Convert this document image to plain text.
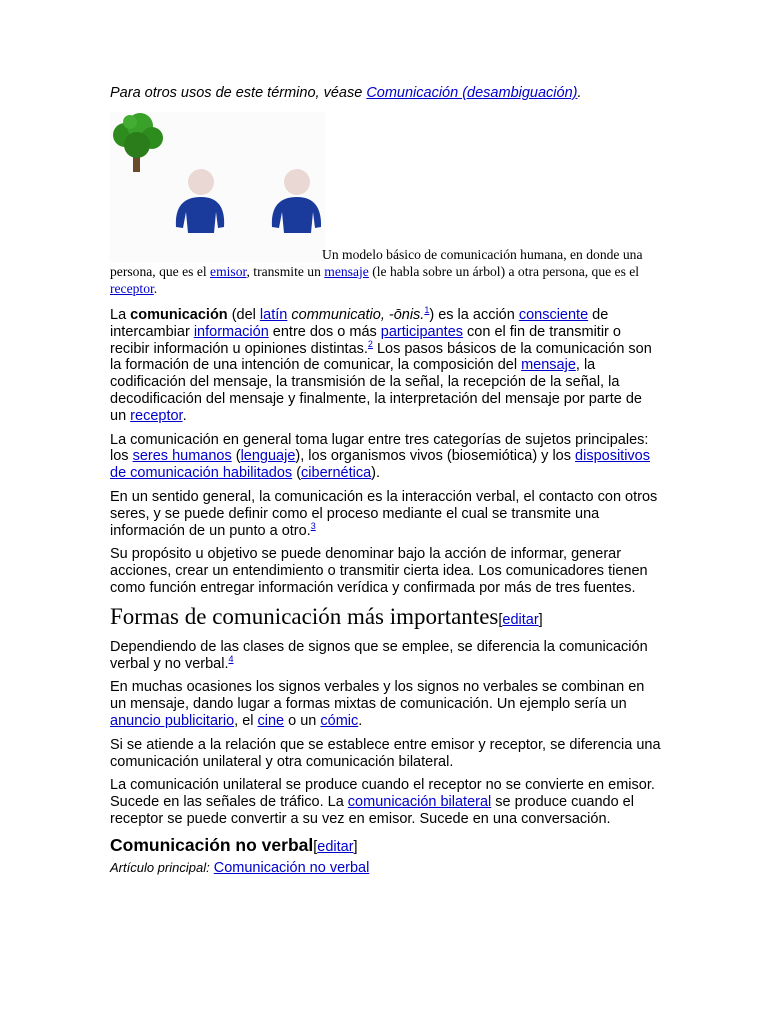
Para otros usos de este término, véase Comunicación (desambiguación).
Un modelo básico de comunicación humana, en donde una persona, que es el emisor, transmite un mensaje (le habla sobre un árbol) a otra persona, que es el receptor.

La comunicación (del latín communicatio, -ōnis.$^1$) es la acción consciente de intercambiar información entre dos o más participantes con el fin de transmitir o recibir información u opiniones distintas.$^2$ Los pasos básicos de la comunicación son la formación de una intención de comunicar, la composición del mensaje, la codificación del mensaje, la transmisión de la señal, la recepción de la señal, la decodificación del mensaje y finalmente, la interpretación del mensaje por parte de un receptor.

La comunicación en general toma lugar entre tres categorías de sujetos principales: los seres humanos (lenguaje), los organismos vivos (biosemiótica) y los dispositivos de comunicación habilitados (cibernética).

En un sentido general, la comunicación es la interacción verbal, el contacto con otros seres, y se puede definir como el proceso mediante el cual se transmite una información de un punto a otro.$^3$

Su propósito u objetivo se puede denominar bajo la acción de informar, generar acciones, crear un entendimiento o transmitir cierta idea. Los comunicadores tienen como función entregar información verídica y confirmada por más de tres fuentes.

Formas de comunicación más importantes[editar]

Dependiendo de las clases de signos que se emplee, se diferencia la comunicación verbal y no verbal.$^4$

En muchas ocasiones los signos verbales y los signos no verbales se combinan en un mensaje, dando lugar a formas mixtas de comunicación. Un ejemplo sería un anuncio publicitario, el cine o un cómic.

Si se atiende a la relación que se establece entre emisor y receptor, se diferencia una comunicación unilateral y otra comunicación bilateral.

La comunicación unilateral se produce cuando el receptor no se convierte en emisor. Sucede en las señales de tráfico. La comunicación bilateral se produce cuando el receptor se puede convertir a su vez en emisor. Sucede en una conversación.

Comunicación no verbal[editar]
Artículo principal: Comunicación no verbal
